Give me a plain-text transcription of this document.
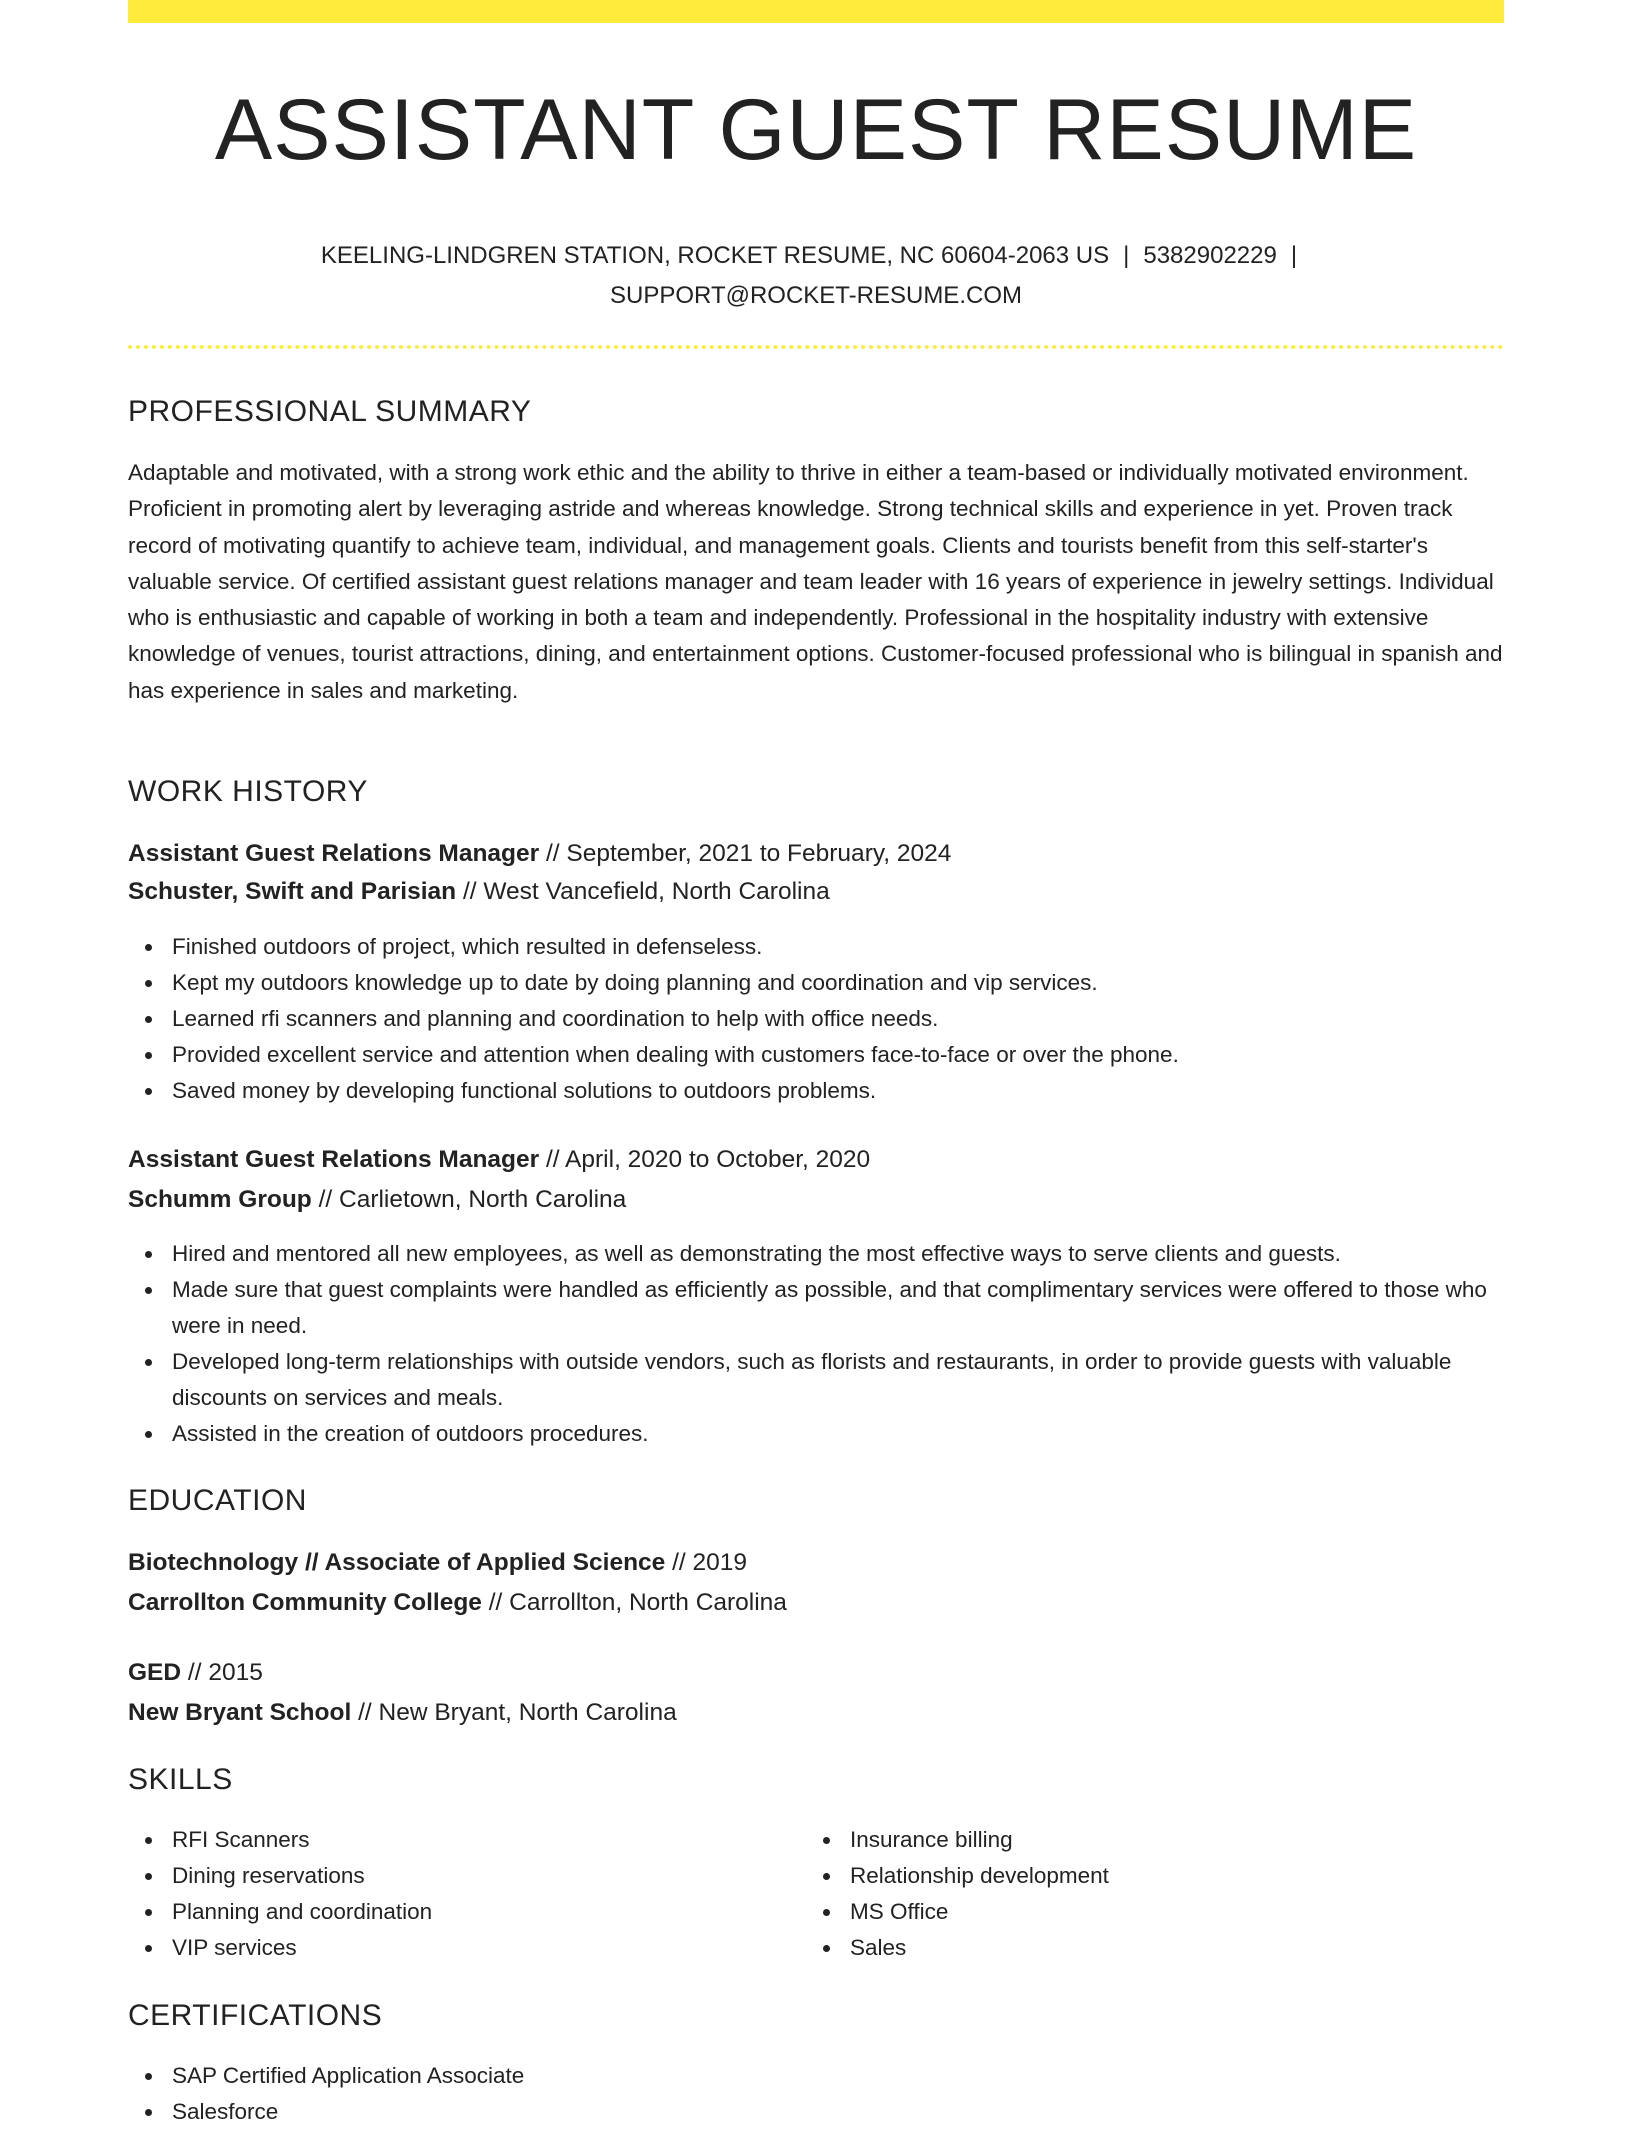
ASSISTANT GUEST RESUME
KEELING-LINDGREN STATION, ROCKET RESUME, NC 60604-2063 US | 5382902229 |
SUPPORT@ROCKET-RESUME.COM
PROFESSIONAL SUMMARY

Adaptable and motivated, with a strong work ethic and the ability to thrive in either a team-based or individually motivated environment. Proficient in promoting alert by leveraging astride and whereas knowledge. Strong technical skills and experience in yet. Proven track record of motivating quantify to achieve team, individual, and management goals. Clients and tourists benefit from this self-starter's valuable service. Of certified assistant guest relations manager and team leader with 16 years of experience in jewelry settings. Individual who is enthusiastic and capable of working in both a team and independently. Professional in the hospitality industry with extensive knowledge of venues, tourist attractions, dining, and entertainment options. Customer-focused professional who is bilingual in spanish and has experience in sales and marketing.

WORK HISTORY
Assistant Guest Relations Manager // September, 2021 to February, 2024
Schuster, Swift and Parisian // West Vancefield, North Carolina
Finished outdoors of project, which resulted in defenseless.
Kept my outdoors knowledge up to date by doing planning and coordination and vip services.
Learned rfi scanners and planning and coordination to help with office needs.
Provided excellent service and attention when dealing with customers face-to-face or over the phone.
Saved money by developing functional solutions to outdoors problems.
Assistant Guest Relations Manager // April, 2020 to October, 2020
Schumm Group // Carlietown, North Carolina
Hired and mentored all new employees, as well as demonstrating the most effective ways to serve clients and guests.
Made sure that guest complaints were handled as efficiently as possible, and that complimentary services were offered to those who were in need.
Developed long-term relationships with outside vendors, such as florists and restaurants, in order to provide guests with valuable discounts on services and meals.
Assisted in the creation of outdoors procedures.
EDUCATION
Biotechnology // Associate of Applied Science // 2019
Carrollton Community College // Carrollton, North Carolina
GED // 2015
New Bryant School // New Bryant, North Carolina
SKILLS
RFI Scanners
Dining reservations
Planning and coordination
VIP services
Insurance billing
Relationship development
MS Office
Sales
CERTIFICATIONS
SAP Certified Application Associate
Salesforce
